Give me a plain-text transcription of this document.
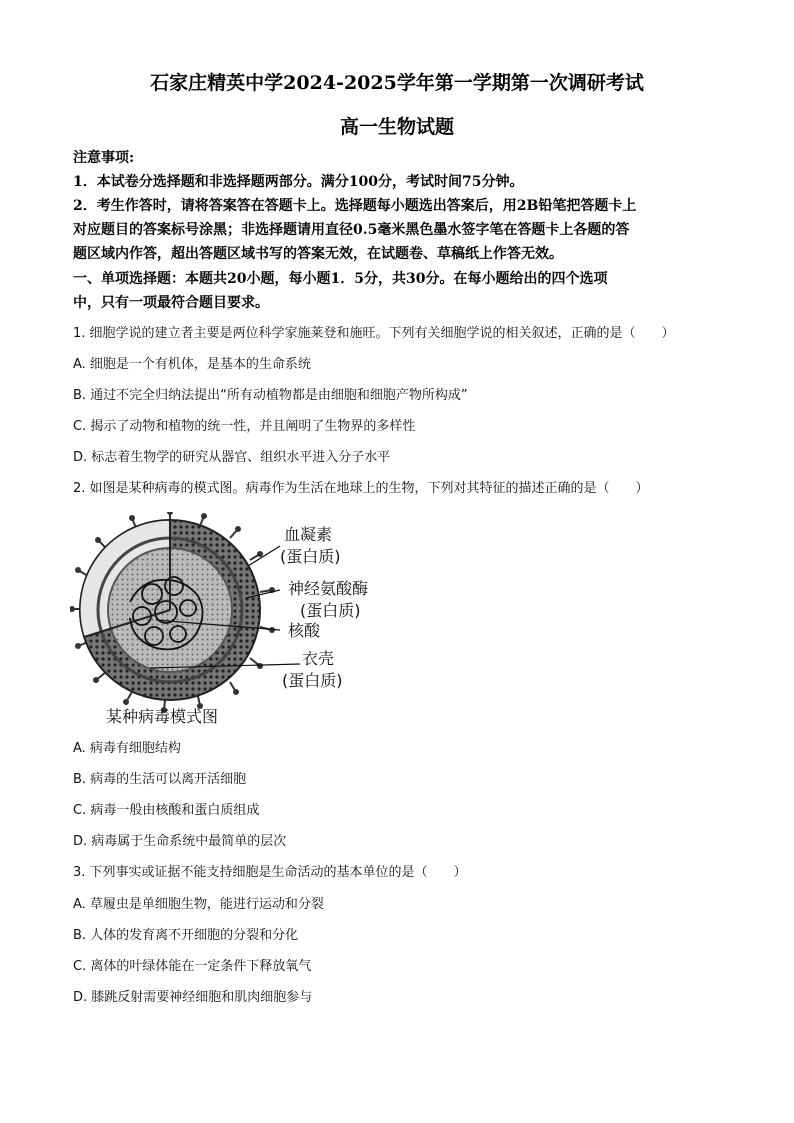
石家庄精英中学2024-2025学年第一学期第一次调研考试
高一生物试题
注意事项:
1．本试卷分选择题和非选择题两部分。满分100分，考试时间75分钟。
2．考生作答时，请将答案答在答题卡上。选择题每小题选出答案后，用2B铅笔把答题卡上
对应题目的答案标号涂黑；非选择题请用直径0.5毫米黑色墨水签字笔在答题卡上各题的答
题区域内作答，超出答题区域书写的答案无效，在试题卷、草稿纸上作答无效。
一、单项选择题：本题共20小题，每小题1．5分，共30分。在每小题给出的四个选项
中，只有一项最符合题目要求。
1. 细胞学说的建立者主要是两位科学家施莱登和施旺。下列有关细胞学说的相关叙述，正确的是（　　）
A. 细胞是一个有机体，是基本的生命系统
B. 通过不完全归纳法提出“所有动植物都是由细胞和细胞产物所构成”
C. 揭示了动物和植物的统一性，并且阐明了生物界的多样性
D. 标志着生物学的研究从器官、组织水平进入分子水平
2. 如图是某种病毒的模式图。病毒作为生活在地球上的生物，下列对其特征的描述正确的是（　　）
血凝素
(蛋白质)
神经氨酸酶
(蛋白质)
核酸
衣壳
(蛋白质)
某种病毒模式图
A. 病毒有细胞结构
B. 病毒的生活可以离开活细胞
C. 病毒一般由核酸和蛋白质组成
D. 病毒属于生命系统中最简单的层次
3. 下列事实或证据不能支持细胞是生命活动的基本单位的是（　　）
A. 草履虫是单细胞生物，能进行运动和分裂
B. 人体的发育离不开细胞的分裂和分化
C. 离体的叶绿体能在一定条件下释放氧气
D. 膝跳反射需要神经细胞和肌肉细胞参与
